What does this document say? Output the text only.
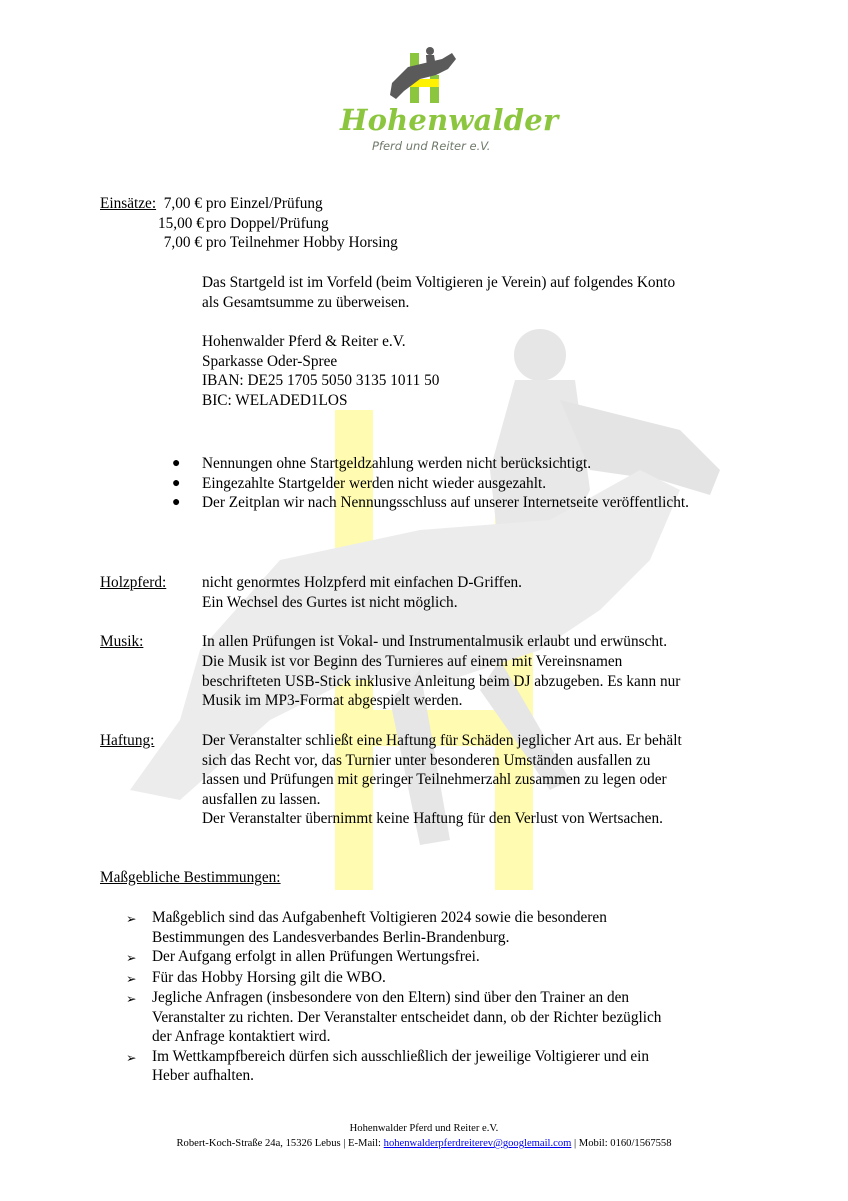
Hohenwalder
Pferd und Reiter e.V.
Einsätze: 7,00 € pro Einzel/Prüfung
15,00 € pro Doppel/Prüfung
7,00 € pro Teilnehmer Hobby Horsing
Das Startgeld ist im Vorfeld (beim Voltigieren je Verein) auf folgendes Konto
als Gesamtsumme zu überweisen.
Hohenwalder Pferd & Reiter e.V.
Sparkasse Oder-Spree
IBAN: DE25 1705 5050 3135 1011 50
BIC: WELADED1LOS
●	Nennungen ohne Startgeldzahlung werden nicht berücksichtigt.
●	Eingezahlte Startgelder werden nicht wieder ausgezahlt.
●	Der Zeitplan wir nach Nennungsschluss auf unserer Internetseite veröffentlicht.
Holzpferd: nicht genormtes Holzpferd mit einfachen D-Griffen.
Ein Wechsel des Gurtes ist nicht möglich.
Musik:	In allen Prüfungen ist Vokal- und Instrumentalmusik erlaubt und erwünscht.
Die Musik ist vor Beginn des Turnieres auf einem mit Vereinsnamen
beschrifteten USB-Stick inklusive Anleitung beim DJ abzugeben. Es kann nur
Musik im MP3-Format abgespielt werden.
Haftung:	Der Veranstalter schließt eine Haftung für Schäden jeglicher Art aus. Er behält
sich das Recht vor, das Turnier unter besonderen Umständen ausfallen zu
lassen und Prüfungen mit geringer Teilnehmerzahl zusammen zu legen oder
ausfallen zu lassen.
Der Veranstalter übernimmt keine Haftung für den Verlust von Wertsachen.
Maßgebliche Bestimmungen:
➢	Maßgeblich sind das Aufgabenheft Voltigieren 2024 sowie die besonderen
Bestimmungen des Landesverbandes Berlin-Brandenburg.
➢	Der Aufgang erfolgt in allen Prüfungen Wertungsfrei.
➢	Für das Hobby Horsing gilt die WBO.
➢	Jegliche Anfragen (insbesondere von den Eltern) sind über den Trainer an den
Veranstalter zu richten. Der Veranstalter entscheidet dann, ob der Richter bezüglich
der Anfrage kontaktiert wird.
➢	Im Wettkampfbereich dürfen sich ausschließlich der jeweilige Voltigierer und ein
Heber aufhalten.
Hohenwalder Pferd und Reiter e.V.
Robert-Koch-Straße 24a, 15326 Lebus | E-Mail: hohenwalderpferdreiterev@googlemail.com | Mobil: 0160/1567558
